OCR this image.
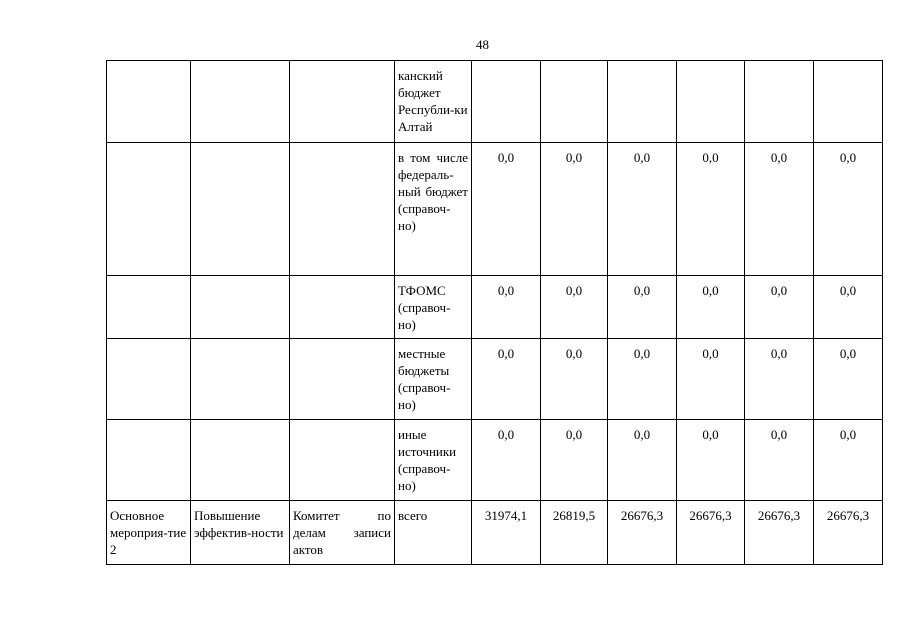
48
			канский бюджет Республи-ки Алтай						
			в том числе федераль-ный бюджет (справоч-но)	0,0	0,0	0,0	0,0	0,0	0,0
			ТФОМС (справоч-но)	0,0	0,0	0,0	0,0	0,0	0,0
			местные бюджеты (справоч-но)	0,0	0,0	0,0	0,0	0,0	0,0
			иные источники (справоч-но)	0,0	0,0	0,0	0,0	0,0	0,0
Основное мероприя-тие 2	Повышение эффектив-ности	Комитет по делам записи актов	всего	31974,1	26819,5	26676,3	26676,3	26676,3	26676,3
